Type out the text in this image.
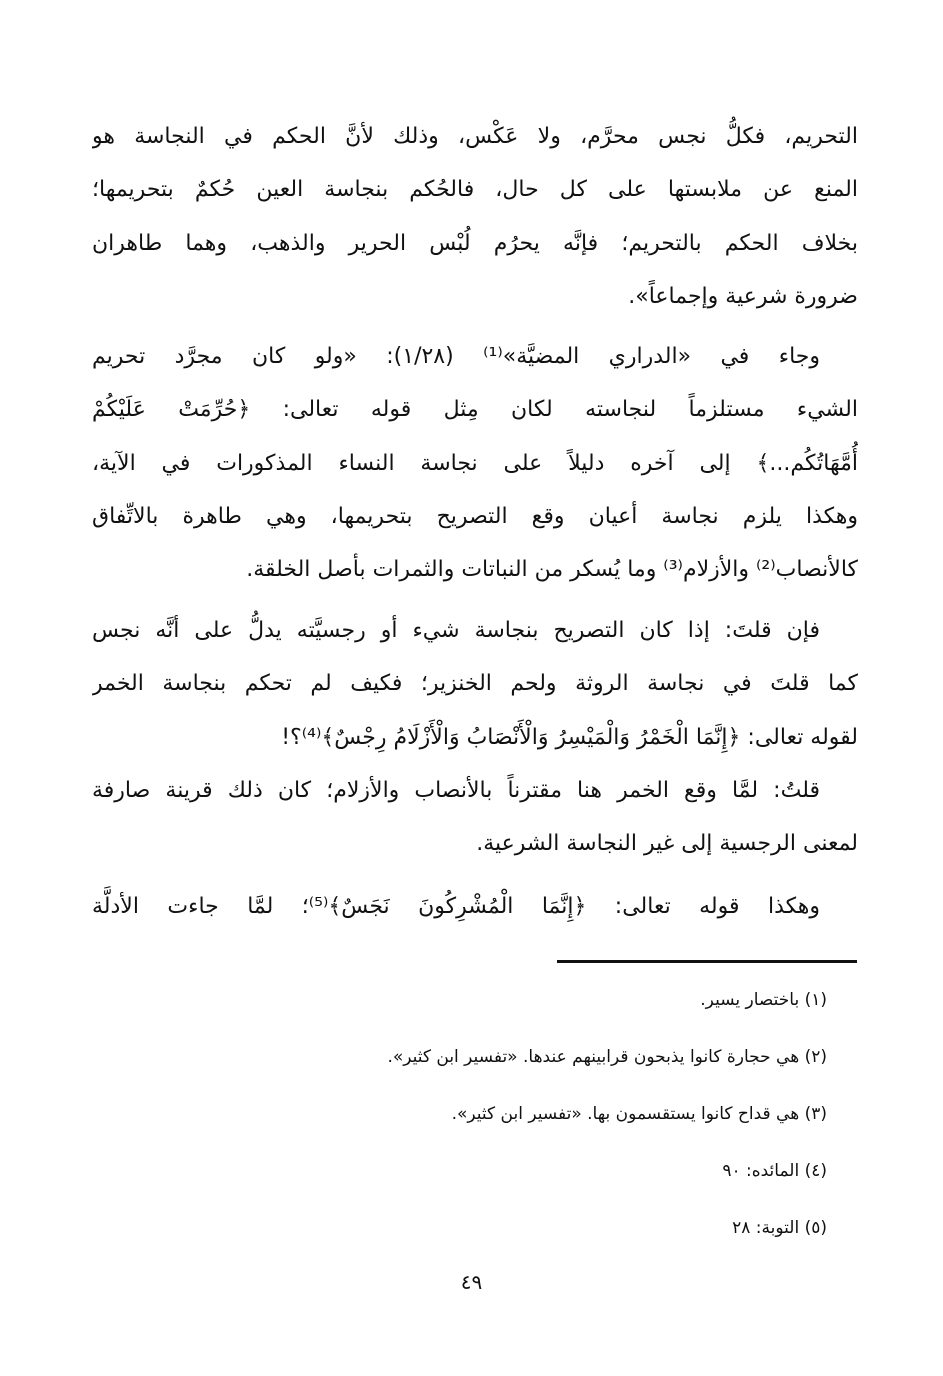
التحريم، فكلُّ نجس محرَّم، ولا عَكْس، وذلك لأنَّ الحكم في النجاسة هو
المنع عن ملابستها على كل حال، فالحُكم بنجاسة العين حُكمٌ بتحريمها؛
بخلاف الحكم بالتحريم؛ فإنَّه يحرُم لُبْس الحرير والذهب، وهما طاهران
ضرورة شرعية وإجماعاً».
وجاء في «الدراري المضيَّة»⁽¹⁾ (١/٢٨): «ولو كان مجرَّد تحريم
الشيء مستلزماً لنجاسته لكان مِثل قوله تعالى: ﴿حُرِّمَتْ عَلَيْكُمْ
أُمَّهَاتُكُم...﴾ إلى آخره دليلاً على نجاسة النساء المذكورات في الآية،
وهكذا يلزم نجاسة أعيان وقع التصريح بتحريمها، وهي طاهرة بالاتِّفاق
كالأنصاب⁽²⁾ والأزلام⁽³⁾ وما يُسكر من النباتات والثمرات بأصل الخلقة.
فإن قلتَ: إذا كان التصريح بنجاسة شيء أو رجسيَّته يدلُّ على أنَّه نجس
كما قلتَ في نجاسة الروثة ولحم الخنزير؛ فكيف لم تحكم بنجاسة الخمر
لقوله تعالى: ﴿إِنَّمَا الْخَمْرُ وَالْمَيْسِرُ وَالْأَنْصَابُ وَالْأَزْلَامُ رِجْسٌ﴾⁽⁴⁾؟!
قلتُ: لمَّا وقع الخمر هنا مقترناً بالأنصاب والأزلام؛ كان ذلك قرينة صارفة
لمعنى الرجسية إلى غير النجاسة الشرعية.
وهكذا قوله تعالى: ﴿إِنَّمَا الْمُشْرِكُونَ نَجَسٌ﴾⁽⁵⁾؛ لمَّا جاءت الأدلَّة
(١) باختصار يسير.
(٢) هي حجارة كانوا يذبحون قرابينهم عندها. «تفسير ابن كثير».
(٣) هي قداح كانوا يستقسمون بها. «تفسير ابن كثير».
(٤) المائده: ٩٠
(٥) التوبة: ٢٨
٤٩
